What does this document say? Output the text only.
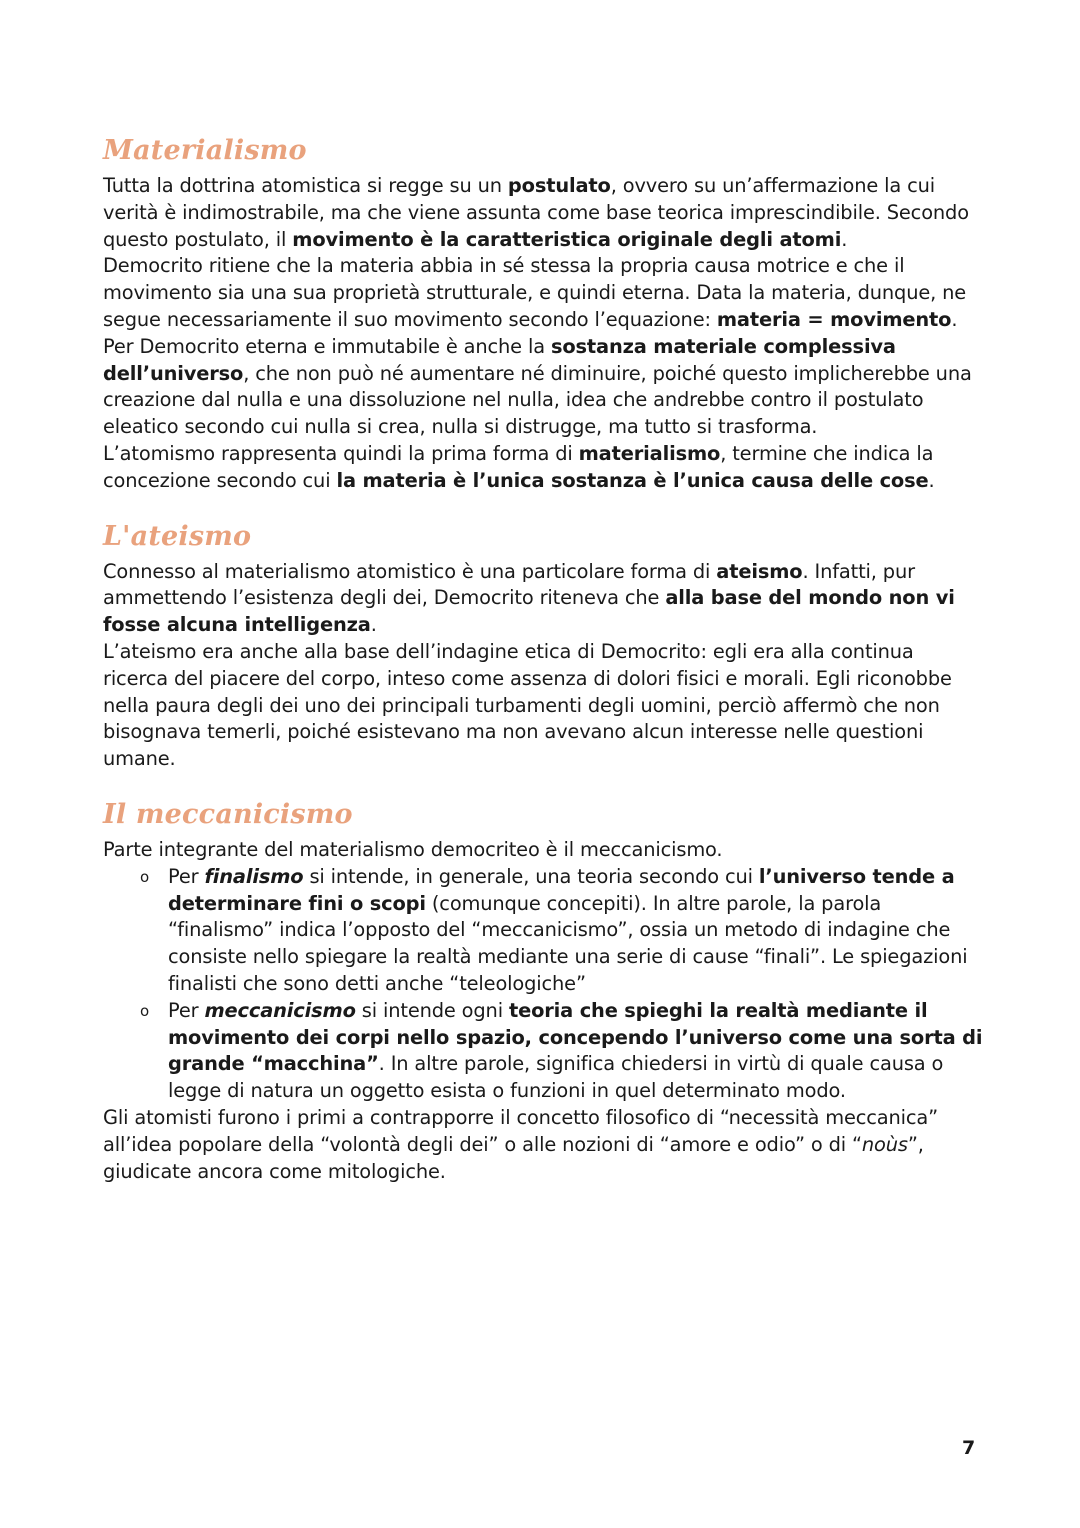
Materialismo

Tutta la dottrina atomistica si regge su un postulato, ovvero su un’affermazione la cui verità è indimostrabile, ma che viene assunta come base teorica imprescindibile. Secondo questo postulato, il movimento è la caratteristica originale degli atomi.

Democrito ritiene che la materia abbia in sé stessa la propria causa motrice e che il movimento sia una sua proprietà strutturale, e quindi eterna. Data la materia, dunque, ne segue necessariamente il suo movimento secondo l’equazione: materia = movimento.

Per Democrito eterna e immutabile è anche la sostanza materiale complessiva dell’universo, che non può né aumentare né diminuire, poiché questo implicherebbe una creazione dal nulla e una dissoluzione nel nulla, idea che andrebbe contro il postulato eleatico secondo cui nulla si crea, nulla si distrugge, ma tutto si trasforma.

L’atomismo rappresenta quindi la prima forma di materialismo, termine che indica la concezione secondo cui la materia è l’unica sostanza è l’unica causa delle cose.

L'ateismo

Connesso al materialismo atomistico è una particolare forma di ateismo. Infatti, pur ammettendo l’esistenza degli dei, Democrito riteneva che alla base del mondo non vi fosse alcuna intelligenza.

L’ateismo era anche alla base dell’indagine etica di Democrito: egli era alla continua ricerca del piacere del corpo, inteso come assenza di dolori fisici e morali. Egli riconobbe nella paura degli dei uno dei principali turbamenti degli uomini, perciò affermò che non bisognava temerli, poiché esistevano ma non avevano alcun interesse nelle questioni umane.

Il meccanicismo

Parte integrante del materialismo democriteo è il meccanicismo.

o Per finalismo si intende, in generale, una teoria secondo cui l’universo tende a determinare fini o scopi (comunque concepiti). In altre parole, la parola “finalismo” indica l’opposto del “meccanicismo”, ossia un metodo di indagine che consiste nello spiegare la realtà mediante una serie di cause “finali”. Le spiegazioni finalisti che sono detti anche “teleologiche”
o Per meccanicismo si intende ogni teoria che spieghi la realtà mediante il movimento dei corpi nello spazio, concependo l’universo come una sorta di grande “macchina”. In altre parole, significa chiedersi in virtù di quale causa o legge di natura un oggetto esista o funzioni in quel determinato modo.

Gli atomisti furono i primi a contrapporre il concetto filosofico di “necessità meccanica” all’idea popolare della “volontà degli dei” o alle nozioni di “amore e odio” o di “noùs”, giudicate ancora come mitologiche.

7
